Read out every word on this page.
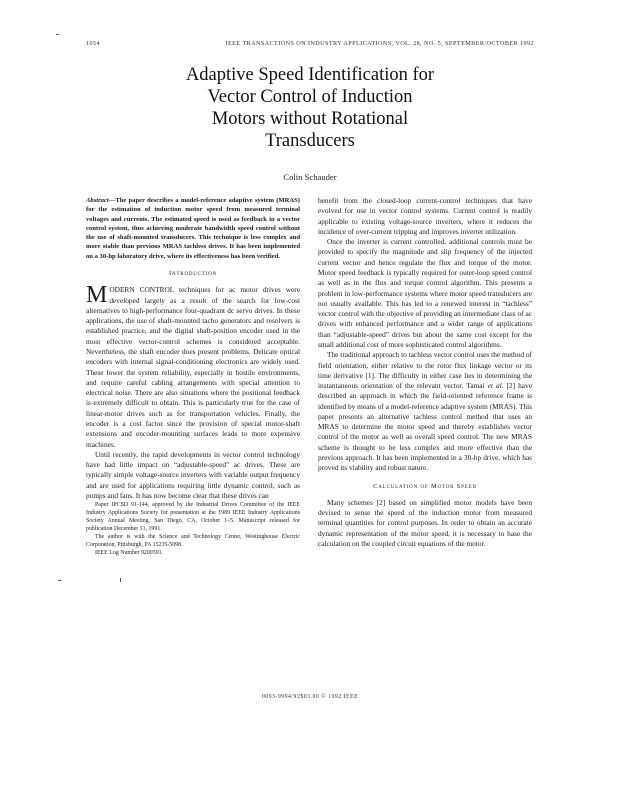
1054	IEEE TRANSACTIONS ON INDUSTRY APPLICATIONS, VOL. 28, NO. 5, SEPTEMBER/OCTOBER 1992
Adaptive Speed Identification for
Vector Control of Induction
Motors without Rotational
Transducers
Colin Schauder

Abstract—The paper describes a model-reference adaptive system (MRAS) for the estimation of induction motor speed from measured terminal voltages and currents. The estimated speed is used as feedback in a vector control system, thus achieving moderate bandwidth speed control without the use of shaft-mounted transducers. This technique is less complex and more stable than previous MRAS tachless drives. It has been implemented on a 30-hp laboratory drive, where its effectiveness has been verified.

Introduction

MODERN CONTROL techniques for ac motor drives were developed largely as a result of the search for low-cost alternatives to high-performance four-quadrant dc servo drives. In these applications, the use of shaft-mounted tacho generators and resolvers is established practice, and the digital shaft-position encoder used in the most effective vector-control schemes is considered acceptable. Nevertheless, the shaft encoder does present problems. Delicate optical encoders with internal signal-conditioning electronics are widely used. These lower the system reliability, especially in hostile environments, and require careful cabling arrangements with special attention to electrical noise. There are also situations where the positional feedback is extremely difficult to obtain. This is particularly true for the case of linear-motor drives such as for transportation vehicles. Finally, the encoder is a cost factor since the provision of special motor-shaft extensions and encoder-mounting surfaces leads to more expensive machines.

Until recently, the rapid developments in vector control technology have had little impact on “adjustable-speed” ac drives. These are typically simple voltage-source inverters with variable output frequency and are used for applications requiring little dynamic control, such as pumps and fans. It has now become clear that these drives can

Paper IPCSD 91-144, approved by the Industrial Drives Committee of the IEEE Industry Applications Society for presentation at the 1989 IEEE Industry Applications Society Annual Meeting, San Diego, CA, October 1–5. Manuscript released for publication December 31, 1991.

The author is with the Science and Technology Center, Westinghouse Electric Corporation, Pittsburgh, PA 15235-5098.

IEEE Log Number 9200591.

benefit from the closed-loop current-control techniques that have evolved for use in vector control systems. Current control is readily applicable to existing voltage-source inverters, where it reduces the incidence of over-current tripping and improves inverter utilization.

Once the inverter is current controlled, additional controls must be provided to specify the magnitude and slip frequency of the injected current vector and hence regulate the flux and torque of the motor. Motor speed feedback is typically required for outer-loop speed control as well as in the flux and torque control algorithm. This presents a problem in low-performance systems where motor speed transducers are not usually available. This has led to a renewed interest in “tachless” vector control with the objective of providing an intermediate class of ac drives with enhanced performance and a wider range of applications than “adjustable-speed” drives but about the same cost except for the small additional cost of more sophisticated control algorithms.

The traditional approach to tachless vector control uses the method of field orientation, either relative to the rotor flux linkage vector or its time derivative [1]. The difficulty in either case lies in determining the instantaneous orientation of the relevant vector. Tamai et al. [2] have described an approach in which the field-oriented reference frame is identified by means of a model-reference adaptive system (MRAS). This paper presents an alternative tachless control method that uses an MRAS to determine the motor speed and thereby establishes vector control of the motor as well as overall speed control. The new MRAS scheme is thought to be less complex and more effective than the previous approach. It has been implemented in a 30-hp drive, which has proved its viability and robust nature.

Calculation of Motor Speed

Many schemes [2] based on simplified motor models have been devised to sense the speed of the induction motor from measured terminal quantities for control purposes. In order to obtain an accurate dynamic representation of the motor speed, it is necessary to base the calculation on the coupled circuit equations of the motor.

0093-9994/92$03.00 © 1992 IEEE
